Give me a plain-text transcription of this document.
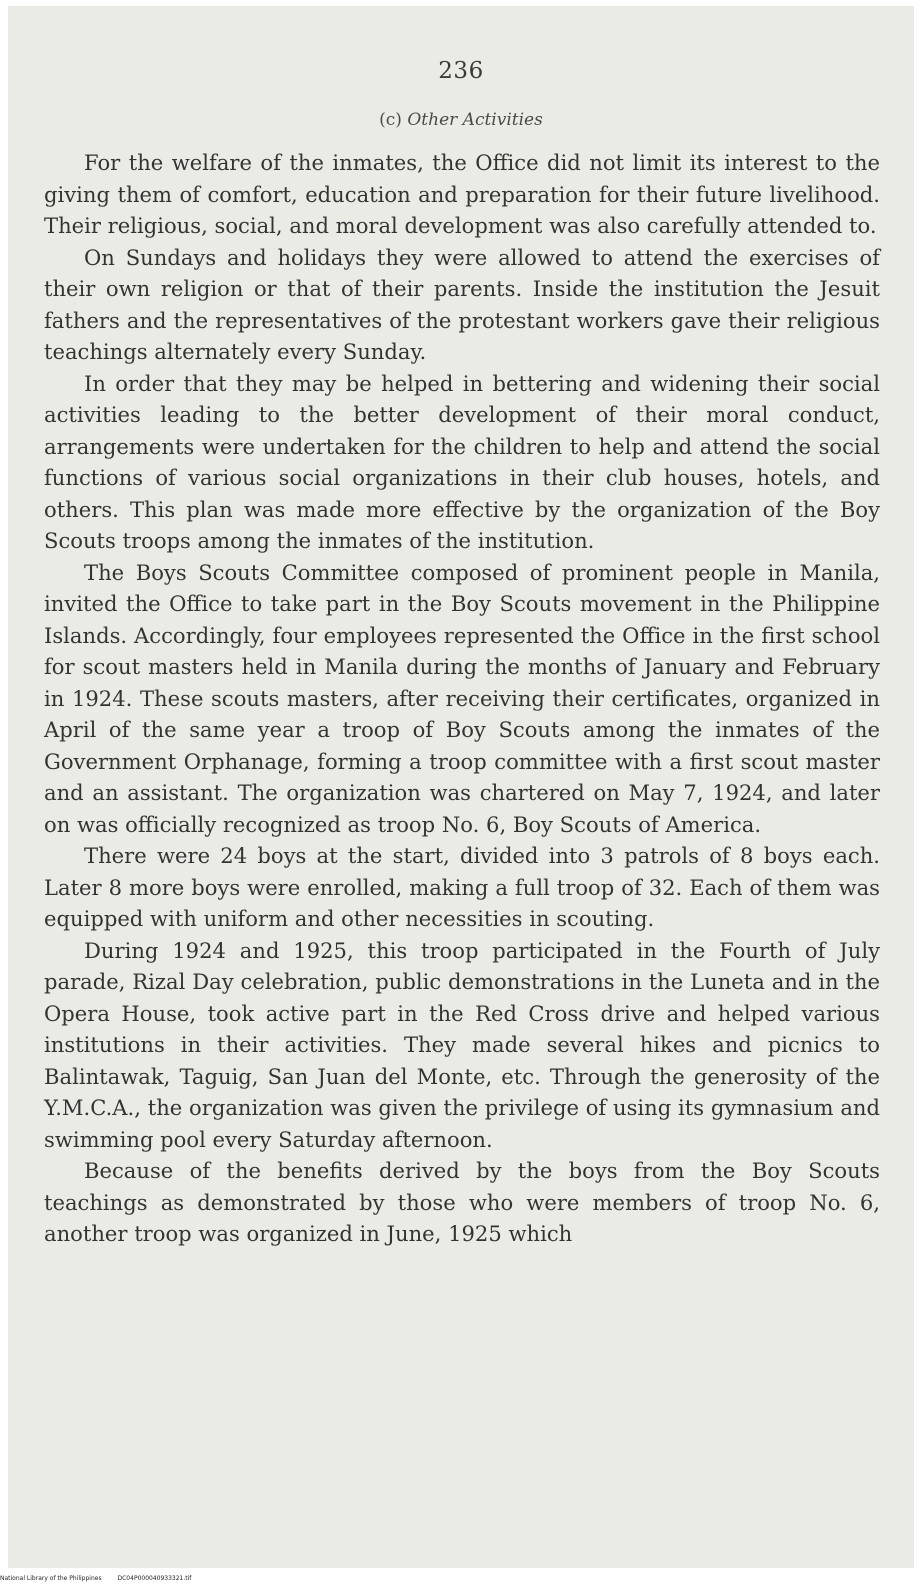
236
(c) Other Activities

For the welfare of the inmates, the Office did not limit its interest to the giving them of comfort, education and preparation for their future livelihood. Their religious, social, and moral development was also carefully attended to.

On Sundays and holidays they were allowed to attend the exercises of their own religion or that of their parents. Inside the institution the Jesuit fathers and the representatives of the protestant workers gave their religious teachings alternately every Sunday.

In order that they may be helped in bettering and widening their social activities leading to the better development of their moral conduct, arrangements were undertaken for the children to help and attend the social functions of various social organizations in their club houses, hotels, and others. This plan was made more effective by the organization of the Boy Scouts troops among the inmates of the institution.

The Boys Scouts Committee composed of prominent people in Manila, invited the Office to take part in the Boy Scouts movement in the Philippine Islands. Accordingly, four employees represented the Office in the first school for scout masters held in Manila during the months of January and February in 1924. These scouts masters, after receiving their certificates, organized in April of the same year a troop of Boy Scouts among the inmates of the Government Orphanage, forming a troop committee with a first scout master and an assistant. The organization was chartered on May 7, 1924, and later on was officially recognized as troop No. 6, Boy Scouts of America.

There were 24 boys at the start, divided into 3 patrols of 8 boys each. Later 8 more boys were enrolled, making a full troop of 32. Each of them was equipped with uniform and other necessities in scouting.

During 1924 and 1925, this troop participated in the Fourth of July parade, Rizal Day celebration, public demonstrations in the Luneta and in the Opera House, took active part in the Red Cross drive and helped various institutions in their activities. They made several hikes and picnics to Balintawak, Taguig, San Juan del Monte, etc. Through the generosity of the Y.M.C.A., the organization was given the privilege of using its gymnasium and swimming pool every Saturday afternoon.

Because of the benefits derived by the boys from the Boy Scouts teachings as demonstrated by those who were members of troop No. 6, another troop was organized in June, 1925 which

National Library of the Philippines	DC04P000040933321.tif
